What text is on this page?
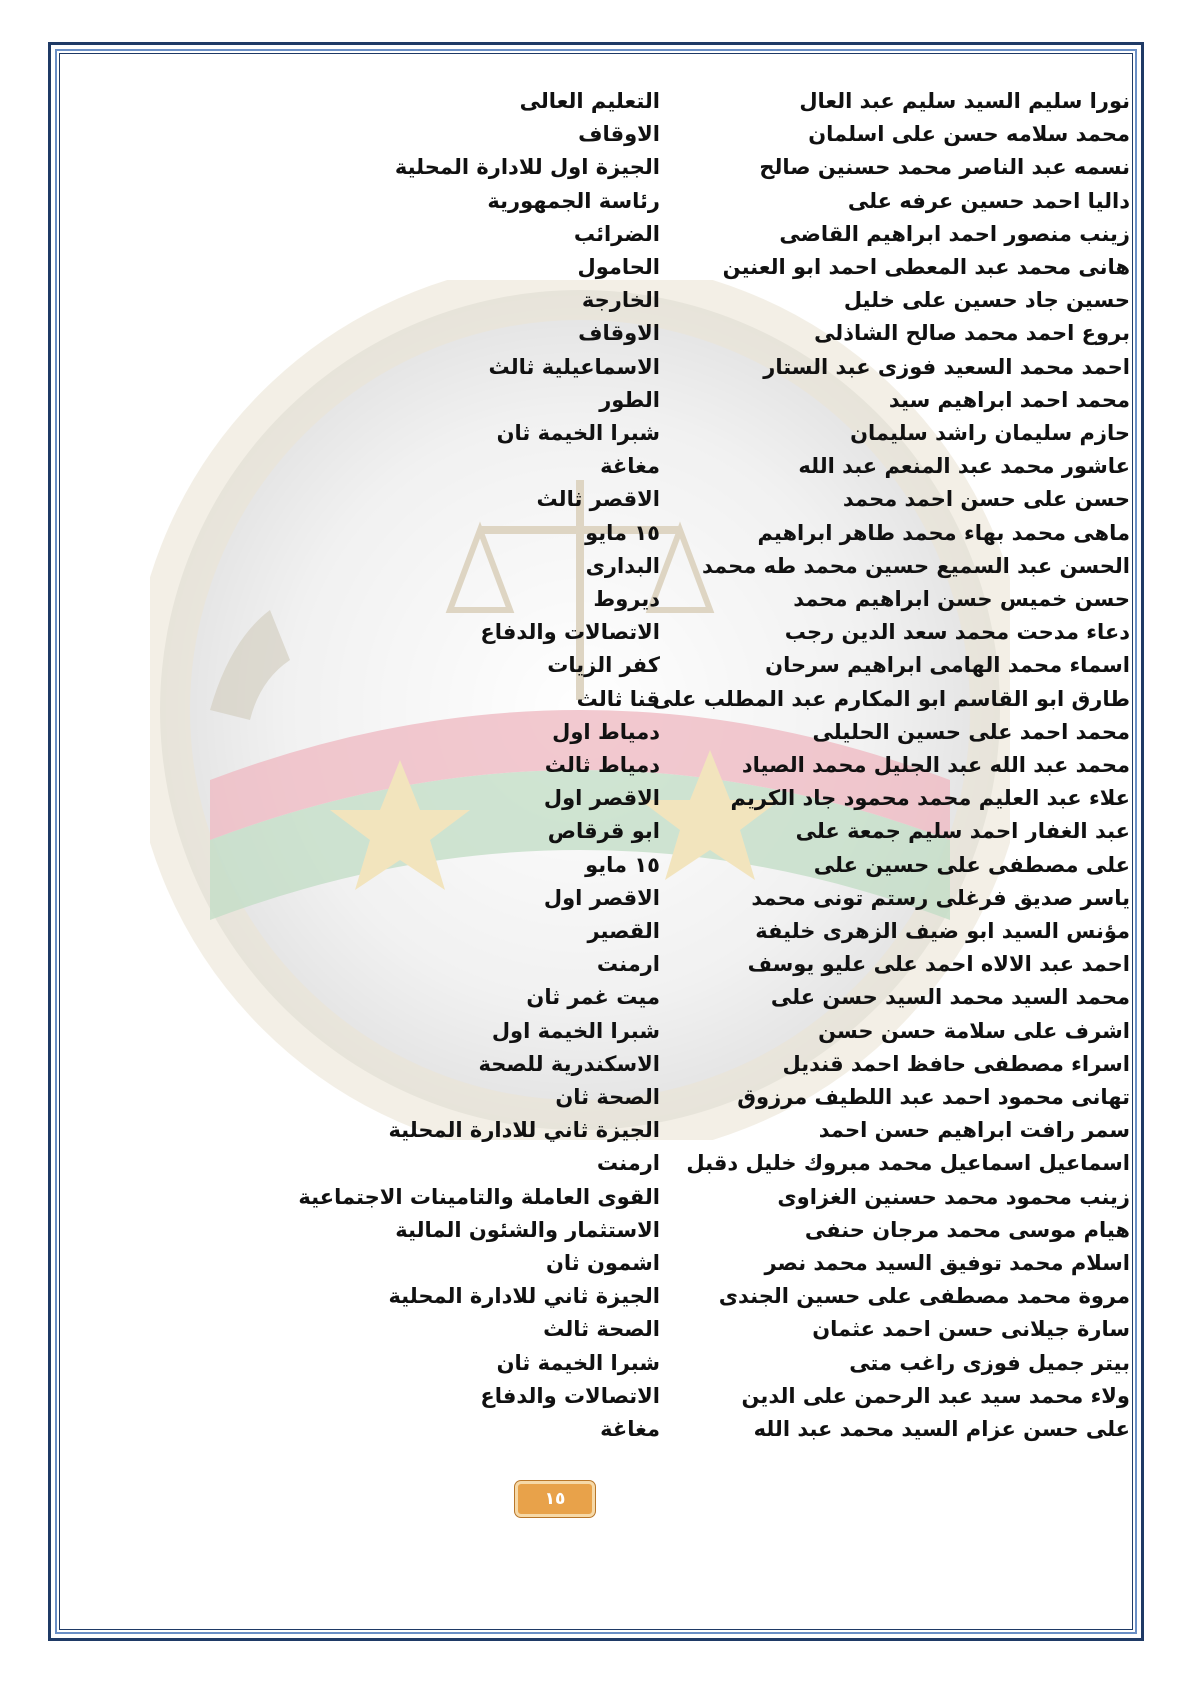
نورا سليم السيد سليم عبد العال
التعليم العالى
محمد سلامه حسن على اسلمان
الاوقاف
نسمه عبد الناصر محمد حسنين صالح
الجيزة اول للادارة المحلية
داليا احمد حسين عرفه على
رئاسة الجمهورية
زينب منصور احمد ابراهيم القاضى
الضرائب
هانى محمد عبد المعطى احمد ابو العنين
الحامول
حسين جاد حسين على خليل
الخارجة
بروع احمد محمد صالح الشاذلى
الاوقاف
احمد محمد السعيد فوزى عبد الستار
الاسماعيلية ثالث
محمد احمد ابراهيم سيد
الطور
حازم سليمان راشد سليمان
شبرا الخيمة ثان
عاشور محمد عبد المنعم عبد الله
مغاغة
حسن على حسن احمد محمد
الاقصر ثالث
ماهى محمد بهاء محمد طاهر ابراهيم
١٥ مايو
الحسن عبد السميع حسين محمد طه محمد
البدارى
حسن خميس حسن ابراهيم محمد
ديروط
دعاء مدحت محمد سعد الدين رجب
الاتصالات والدفاع
اسماء محمد الهامى ابراهيم سرحان
كفر الزيات
طارق ابو القاسم ابو المكارم عبد المطلب على
قنا ثالث
محمد احمد على حسين الحليلى
دمياط اول
محمد عبد الله عبد الجليل محمد الصياد
دمياط ثالث
علاء عبد العليم محمد محمود جاد الكريم
الاقصر اول
عبد الغفار احمد سليم جمعة على
ابو قرقاص
على مصطفى على حسين على
١٥ مايو
ياسر صديق فرغلى رستم تونى محمد
الاقصر اول
مؤنس السيد ابو ضيف الزهرى خليفة
القصير
احمد عبد الالاه احمد على عليو يوسف
ارمنت
محمد السيد محمد السيد حسن على
ميت غمر ثان
اشرف على سلامة حسن حسن
شبرا الخيمة اول
اسراء مصطفى حافظ احمد قنديل
الاسكندرية للصحة
تهانى محمود احمد عبد اللطيف مرزوق
الصحة ثان
سمر رافت ابراهيم حسن احمد
الجيزة ثاني للادارة المحلية
اسماعيل اسماعيل محمد مبروك خليل دقبل
ارمنت
زينب محمود محمد حسنين الغزاوى
القوى العاملة والتامينات الاجتماعية
هيام موسى محمد مرجان حنفى
الاستثمار والشئون المالية
اسلام محمد توفيق السيد محمد نصر
اشمون ثان
مروة محمد مصطفى على حسين الجندى
الجيزة ثاني للادارة المحلية
سارة جيلانى حسن احمد عثمان
الصحة ثالث
بيتر جميل فوزى راغب متى
شبرا الخيمة ثان
ولاء محمد سيد عبد الرحمن على الدين
الاتصالات والدفاع
على حسن عزام السيد محمد عبد الله
مغاغة
١٥
